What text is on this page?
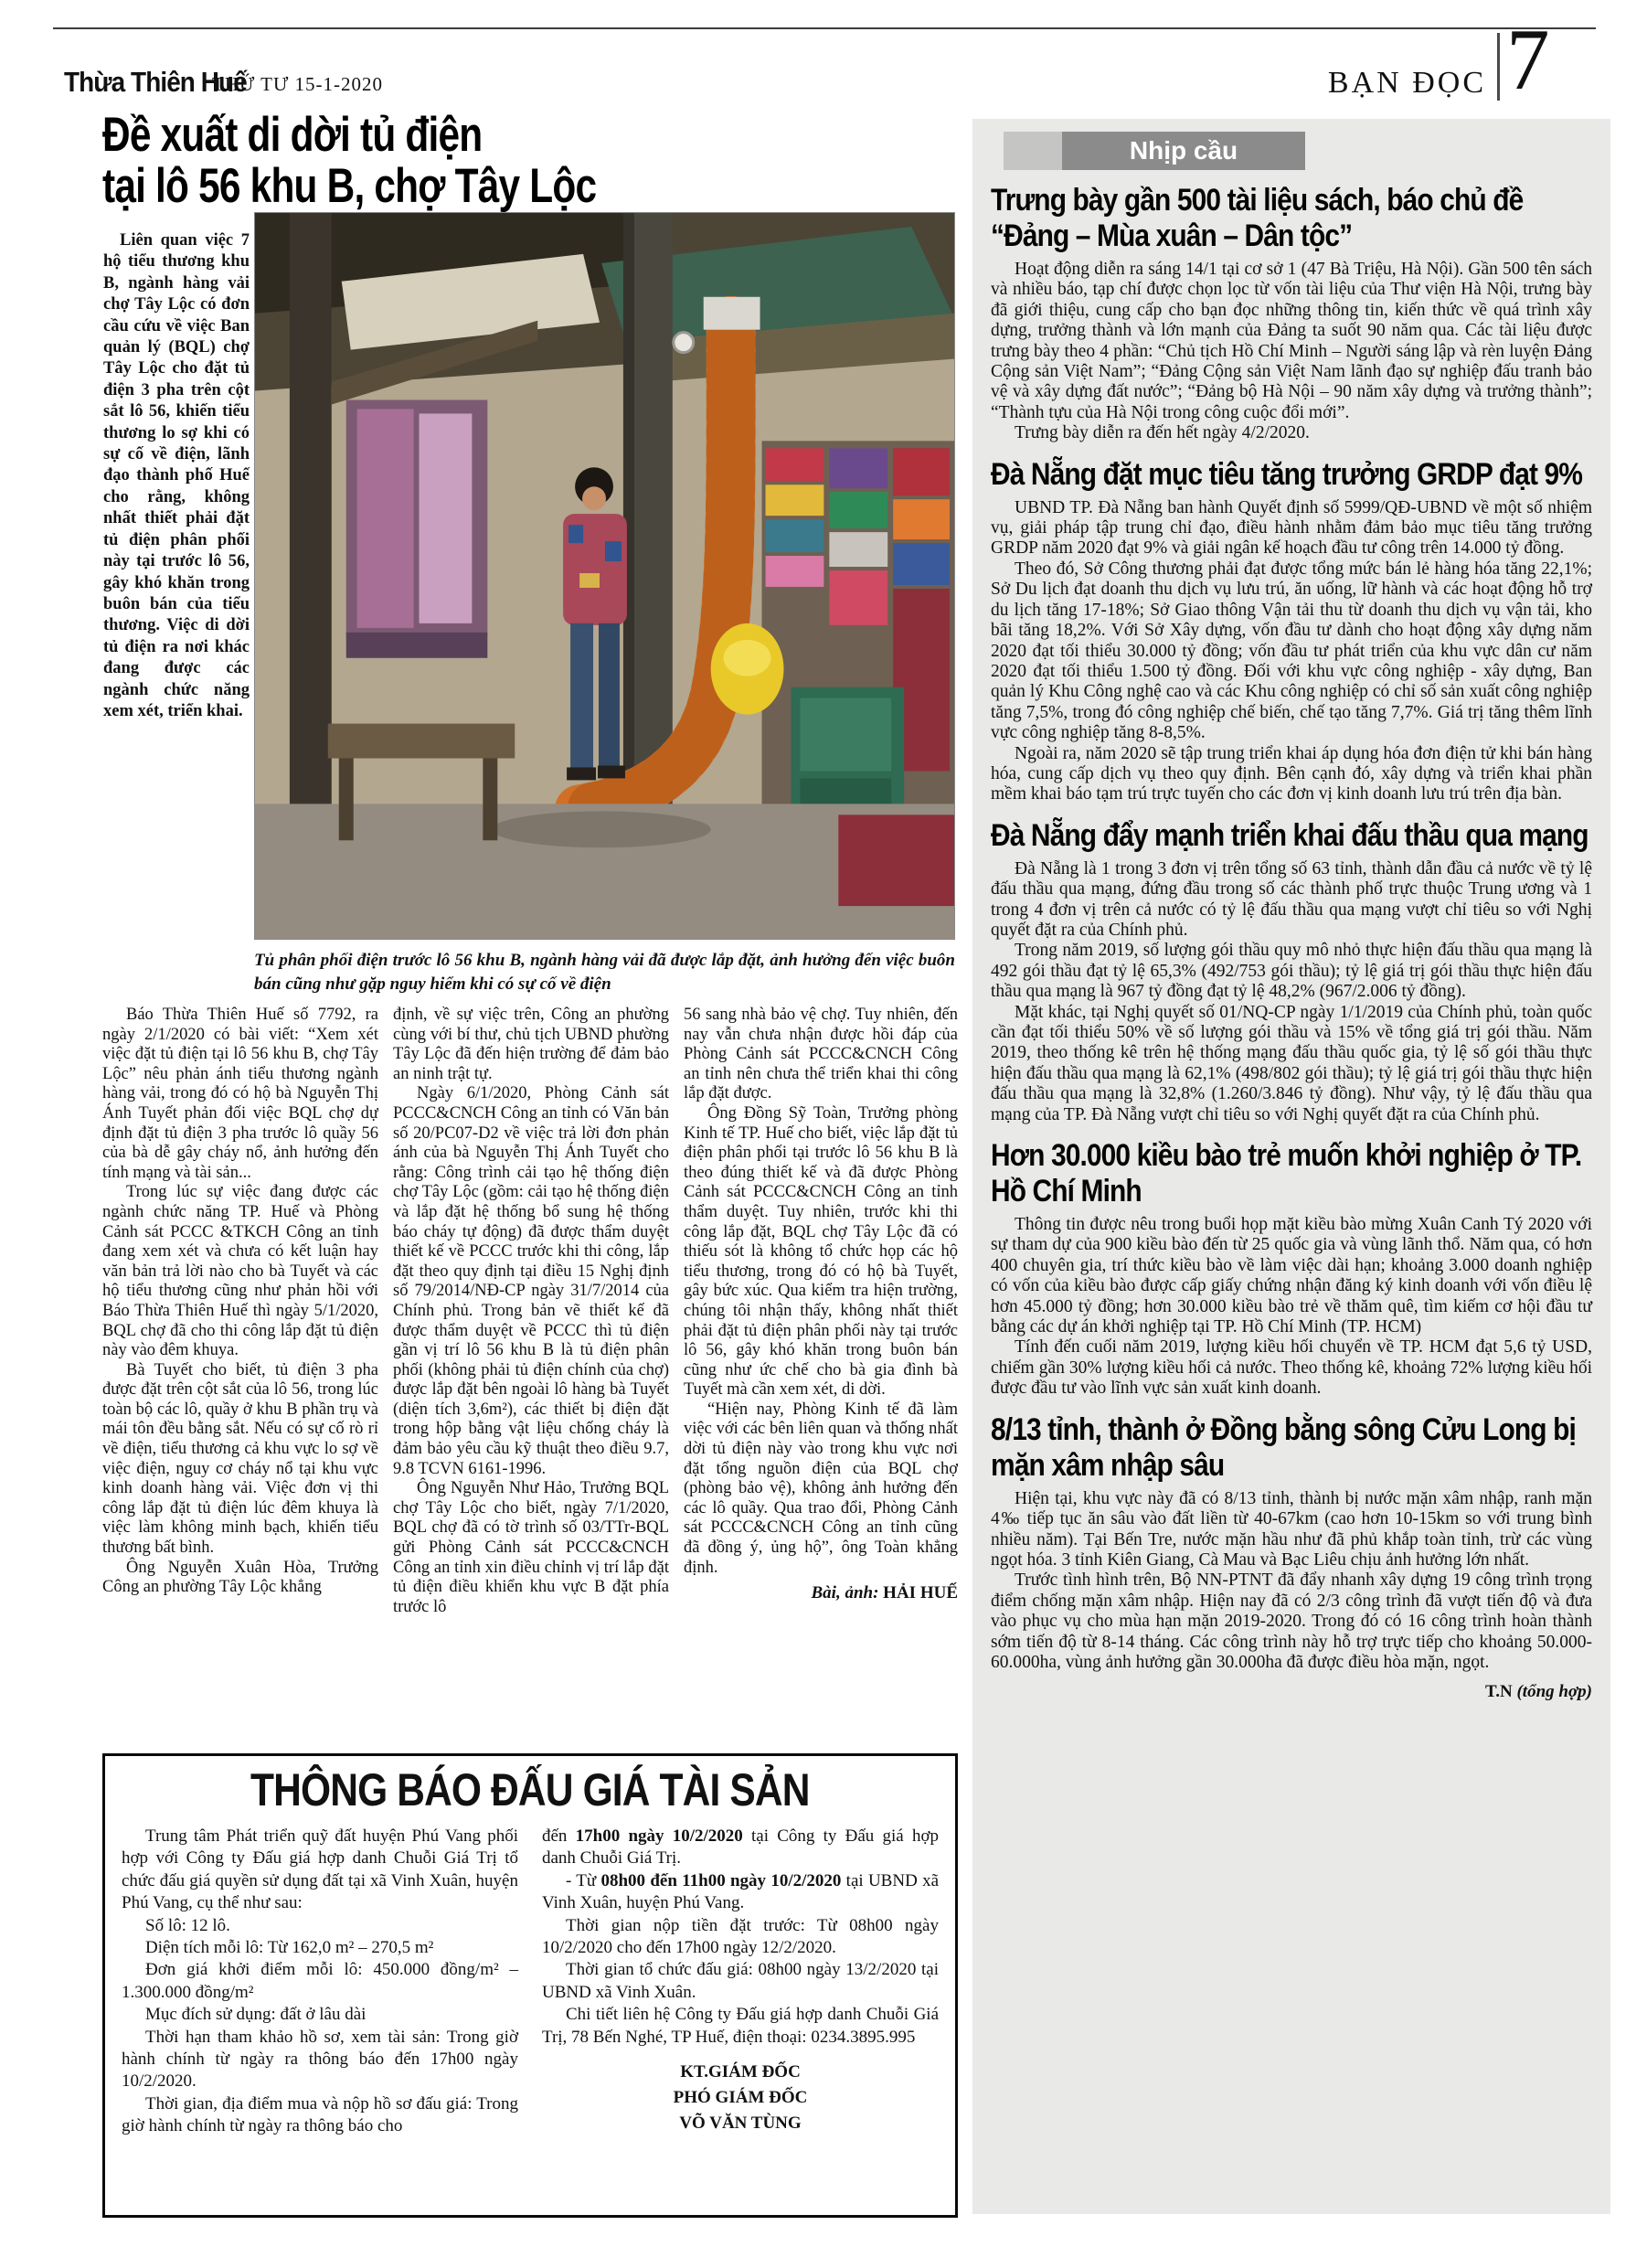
Thừa Thiên Huế
THỨ TƯ 15-1-2020	BẠN ĐỌC 7
Đề xuất di dời tủ điện
tại lô 56 khu B, chợ Tây Lộc

Liên quan việc 7 hộ tiểu thương khu B, ngành hàng vải chợ Tây Lộc có đơn cầu cứu về việc Ban quản lý (BQL) chợ Tây Lộc cho đặt tủ điện 3 pha trên cột sắt lô 56, khiến tiểu thương lo sợ khi có sự cố về điện, lãnh đạo thành phố Huế cho rằng, không nhất thiết phải đặt tủ điện phân phối này tại trước lô 56, gây khó khăn trong buôn bán của tiểu thương. Việc di dời tủ điện ra nơi khác đang được các ngành chức năng xem xét, triển khai.

Tủ phân phối điện trước lô 56 khu B, ngành hàng vải đã được lắp đặt, ảnh hưởng đến việc buôn bán cũng như gặp nguy hiểm khi có sự cố về điện

Báo Thừa Thiên Huế số 7792, ra ngày 2/1/2020 có bài viết: “Xem xét việc đặt tủ điện tại lô 56 khu B, chợ Tây Lộc” nêu phản ánh tiểu thương ngành hàng vải, trong đó có hộ bà Nguyễn Thị Ánh Tuyết phản đối việc BQL chợ dự định đặt tủ điện 3 pha trước lô quầy 56 của bà dễ gây cháy nổ, ảnh hưởng đến tính mạng và tài sản...

Trong lúc sự việc đang được các ngành chức năng TP. Huế và Phòng Cảnh sát PCCC &TKCH Công an tỉnh đang xem xét và chưa có kết luận hay văn bản trả lời nào cho bà Tuyết và các hộ tiểu thương cũng như phản hồi với Báo Thừa Thiên Huế thì ngày 5/1/2020, BQL chợ đã cho thi công lắp đặt tủ điện này vào đêm khuya.

Bà Tuyết cho biết, tủ điện 3 pha được đặt trên cột sắt của lô 56, trong lúc toàn bộ các lô, quầy ở khu B phần trụ và mái tôn đều bằng sắt. Nếu có sự cố rò rỉ về điện, tiểu thương cả khu vực lo sợ về việc điện, nguy cơ cháy nổ tại khu vực kinh doanh hàng vải. Việc đơn vị thi công lắp đặt tủ điện lúc đêm khuya là việc làm không minh bạch, khiến tiểu thương bất bình.

Ông Nguyễn Xuân Hòa, Trưởng Công an phường Tây Lộc khẳng

định, về sự việc trên, Công an phường cùng với bí thư, chủ tịch UBND phường Tây Lộc đã đến hiện trường để đảm bảo an ninh trật tự.

Ngày 6/1/2020, Phòng Cảnh sát PCCC&CNCH Công an tỉnh có Văn bản số 20/PC07-D2 về việc trả lời đơn phản ánh của bà Nguyễn Thị Ánh Tuyết cho rằng: Công trình cải tạo hệ thống điện chợ Tây Lộc (gồm: cải tạo hệ thống điện và lắp đặt hệ thống bổ sung hệ thống báo cháy tự động) đã được thẩm duyệt thiết kế về PCCC trước khi thi công, lắp đặt theo quy định tại điều 15 Nghị định số 79/2014/NĐ-CP ngày 31/7/2014 của Chính phủ. Trong bản vẽ thiết kế đã được thẩm duyệt về PCCC thì tủ điện gần vị trí lô 56 khu B là tủ điện phân phối (không phải tủ điện chính của chợ) được lắp đặt bên ngoài lô hàng bà Tuyết (diện tích 3,6m²), các thiết bị điện đặt trong hộp bằng vật liệu chống cháy là đảm bảo yêu cầu kỹ thuật theo điều 9.7, 9.8 TCVN 6161-1996.

Ông Nguyễn Như Hảo, Trưởng BQL chợ Tây Lộc cho biết, ngày 7/1/2020, BQL chợ đã có tờ trình số 03/TTr-BQL gửi Phòng Cảnh sát PCCC&CNCH Công an tỉnh xin điều chỉnh vị trí lắp đặt tủ điện điều khiển khu vực B đặt phía trước lô

56 sang nhà bảo vệ chợ. Tuy nhiên, đến nay vẫn chưa nhận được hồi đáp của Phòng Cảnh sát PCCC&CNCH Công an tỉnh nên chưa thể triển khai thi công lắp đặt được.

Ông Đồng Sỹ Toàn, Trưởng phòng Kinh tế TP. Huế cho biết, việc lắp đặt tủ điện phân phối tại trước lô 56 khu B là theo đúng thiết kế và đã được Phòng Cảnh sát PCCC&CNCH Công an tỉnh thẩm duyệt. Tuy nhiên, trước khi thi công lắp đặt, BQL chợ Tây Lộc đã có thiếu sót là không tổ chức họp các hộ tiểu thương, trong đó có hộ bà Tuyết, gây bức xúc. Qua kiểm tra hiện trường, chúng tôi nhận thấy, không nhất thiết phải đặt tủ điện phân phối này tại trước lô 56, gây khó khăn trong buôn bán cũng như ức chế cho bà gia đình bà Tuyết mà cần xem xét, di dời.

“Hiện nay, Phòng Kinh tế đã làm việc với các bên liên quan và thống nhất dời tủ điện này vào trong khu vực nơi đặt tổng nguồn điện của BQL chợ (phòng bảo vệ), không ảnh hưởng đến các lô quầy. Qua trao đổi, Phòng Cảnh sát PCCC&CNCH Công an tỉnh cũng đã đồng ý, ủng hộ”, ông Toàn khẳng định.

Bài, ảnh: HẢI HUẾ
THÔNG BÁO ĐẤU GIÁ TÀI SẢN

Trung tâm Phát triển quỹ đất huyện Phú Vang phối hợp với Công ty Đấu giá hợp danh Chuỗi Giá Trị tổ chức đấu giá quyền sử dụng đất tại xã Vinh Xuân, huyện Phú Vang, cụ thể như sau:

Số lô: 12 lô.

Diện tích mỗi lô: Từ 162,0 m² – 270,5 m²

Đơn giá khởi điểm mỗi lô: 450.000 đồng/m² – 1.300.000 đồng/m²

Mục đích sử dụng: đất ở lâu dài

Thời hạn tham khảo hồ sơ, xem tài sản: Trong giờ hành chính từ ngày ra thông báo đến 17h00 ngày 10/2/2020.

Thời gian, địa điểm mua và nộp hồ sơ đấu giá: Trong giờ hành chính từ ngày ra thông báo cho

đến 17h00 ngày 10/2/2020 tại Công ty Đấu giá hợp danh Chuỗi Giá Trị.

- Từ 08h00 đến 11h00 ngày 10/2/2020 tại UBND xã Vinh Xuân, huyện Phú Vang.

Thời gian nộp tiền đặt trước: Từ 08h00 ngày 10/2/2020 cho đến 17h00 ngày 12/2/2020.

Thời gian tổ chức đấu giá: 08h00 ngày 13/2/2020 tại UBND xã Vinh Xuân.

Chi tiết liên hệ Công ty Đấu giá hợp danh Chuỗi Giá Trị, 78 Bến Nghé, TP Huế, điện thoại: 0234.3895.995

KT.GIÁM ĐỐC
PHÓ GIÁM ĐỐC
VÕ VĂN TÙNG
Nhịp cầu
Trưng bày gần 500 tài liệu sách, báo chủ đề “Đảng – Mùa xuân – Dân tộc”

Hoạt động diễn ra sáng 14/1 tại cơ sở 1 (47 Bà Triệu, Hà Nội). Gần 500 tên sách và nhiều báo, tạp chí được chọn lọc từ vốn tài liệu của Thư viện Hà Nội, trưng bày đã giới thiệu, cung cấp cho bạn đọc những thông tin, kiến thức về quá trình xây dựng, trưởng thành và lớn mạnh của Đảng ta suốt 90 năm qua. Các tài liệu được trưng bày theo 4 phần: “Chủ tịch Hồ Chí Minh – Người sáng lập và rèn luyện Đảng Cộng sản Việt Nam”; “Đảng Cộng sản Việt Nam lãnh đạo sự nghiệp đấu tranh bảo vệ và xây dựng đất nước”; “Đảng bộ Hà Nội – 90 năm xây dựng và trưởng thành”; “Thành tựu của Hà Nội trong công cuộc đổi mới”.

Trưng bày diễn ra đến hết ngày 4/2/2020.

Đà Nẵng đặt mục tiêu tăng trưởng GRDP đạt 9%

UBND TP. Đà Nẵng ban hành Quyết định số 5999/QĐ-UBND về một số nhiệm vụ, giải pháp tập trung chỉ đạo, điều hành nhằm đảm bảo mục tiêu tăng trưởng GRDP năm 2020 đạt 9% và giải ngân kế hoạch đầu tư công trên 14.000 tỷ đồng.

Theo đó, Sở Công thương phải đạt được tổng mức bán lẻ hàng hóa tăng 22,1%; Sở Du lịch đạt doanh thu dịch vụ lưu trú, ăn uống, lữ hành và các hoạt động hỗ trợ du lịch tăng 17-18%; Sở Giao thông Vận tải thu từ doanh thu dịch vụ vận tải, kho bãi tăng 18,2%. Với Sở Xây dựng, vốn đầu tư dành cho hoạt động xây dựng năm 2020 đạt tối thiểu 30.000 tỷ đồng; vốn đầu tư phát triển của khu vực dân cư năm 2020 đạt tối thiểu 1.500 tỷ đồng. Đối với khu vực công nghiệp - xây dựng, Ban quản lý Khu Công nghệ cao và các Khu công nghiệp có chỉ số sản xuất công nghiệp tăng 7,5%, trong đó công nghiệp chế biến, chế tạo tăng 7,7%. Giá trị tăng thêm lĩnh vực công nghiệp tăng 8-8,5%.

Ngoài ra, năm 2020 sẽ tập trung triển khai áp dụng hóa đơn điện tử khi bán hàng hóa, cung cấp dịch vụ theo quy định. Bên cạnh đó, xây dựng và triển khai phần mềm khai báo tạm trú trực tuyến cho các đơn vị kinh doanh lưu trú trên địa bàn.

Đà Nẵng đẩy mạnh triển khai đấu thầu qua mạng

Đà Nẵng là 1 trong 3 đơn vị trên tổng số 63 tỉnh, thành dẫn đầu cả nước về tỷ lệ đấu thầu qua mạng, đứng đầu trong số các thành phố trực thuộc Trung ương và 1 trong 4 đơn vị trên cả nước có tỷ lệ đấu thầu qua mạng vượt chỉ tiêu so với Nghị quyết đặt ra của Chính phủ.

Trong năm 2019, số lượng gói thầu quy mô nhỏ thực hiện đấu thầu qua mạng là 492 gói thầu đạt tỷ lệ 65,3% (492/753 gói thầu); tỷ lệ giá trị gói thầu thực hiện đấu thầu qua mạng là 967 tỷ đồng đạt tỷ lệ 48,2% (967/2.006 tỷ đồng).

Mặt khác, tại Nghị quyết số 01/NQ-CP ngày 1/1/2019 của Chính phủ, toàn quốc cần đạt tối thiểu 50% về số lượng gói thầu và 15% về tổng giá trị gói thầu. Năm 2019, theo thống kê trên hệ thống mạng đấu thầu quốc gia, tỷ lệ số gói thầu thực hiện đấu thầu qua mạng là 62,1% (498/802 gói thầu); tỷ lệ giá trị gói thầu thực hiện đấu thầu qua mạng là 32,8% (1.260/3.846 tỷ đồng). Như vậy, tỷ lệ đấu thầu qua mạng của TP. Đà Nẵng vượt chỉ tiêu so với Nghị quyết đặt ra của Chính phủ.

Hơn 30.000 kiều bào trẻ muốn khởi nghiệp ở TP. Hồ Chí Minh

Thông tin được nêu trong buổi họp mặt kiều bào mừng Xuân Canh Tý 2020 với sự tham dự của 900 kiều bào đến từ 25 quốc gia và vùng lãnh thổ. Năm qua, có hơn 400 chuyên gia, trí thức kiều bào về làm việc dài hạn; khoảng 3.000 doanh nghiệp có vốn của kiều bào được cấp giấy chứng nhận đăng ký kinh doanh với vốn điều lệ hơn 45.000 tỷ đồng; hơn 30.000 kiều bào trẻ về thăm quê, tìm kiếm cơ hội đầu tư bằng các dự án khởi nghiệp tại TP. Hồ Chí Minh (TP. HCM)

Tính đến cuối năm 2019, lượng kiều hối chuyển về TP. HCM đạt 5,6 tỷ USD, chiếm gần 30% lượng kiều hối cả nước. Theo thống kê, khoảng 72% lượng kiều hối được đầu tư vào lĩnh vực sản xuất kinh doanh.

8/13 tỉnh, thành ở Đồng bằng sông Cửu Long bị mặn xâm nhập sâu

Hiện tại, khu vực này đã có 8/13 tỉnh, thành bị nước mặn xâm nhập, ranh mặn 4‰ tiếp tục ăn sâu vào đất liền từ 40-67km (cao hơn 10-15km so với trung bình nhiều năm). Tại Bến Tre, nước mặn hầu như đã phủ khắp toàn tỉnh, trừ các vùng ngọt hóa. 3 tỉnh Kiên Giang, Cà Mau và Bạc Liêu chịu ảnh hưởng lớn nhất.

Trước tình hình trên, Bộ NN-PTNT đã đẩy nhanh xây dựng 19 công trình trọng điểm chống mặn xâm nhập. Hiện nay đã có 2/3 công trình đã vượt tiến độ và đưa vào phục vụ cho mùa hạn mặn 2019-2020. Trong đó có 16 công trình hoàn thành sớm tiến độ từ 8-14 tháng. Các công trình này hỗ trợ trực tiếp cho khoảng 50.000-60.000ha, vùng ảnh hưởng gần 30.000ha đã được điều hòa mặn, ngọt.

T.N (tổng hợp)
